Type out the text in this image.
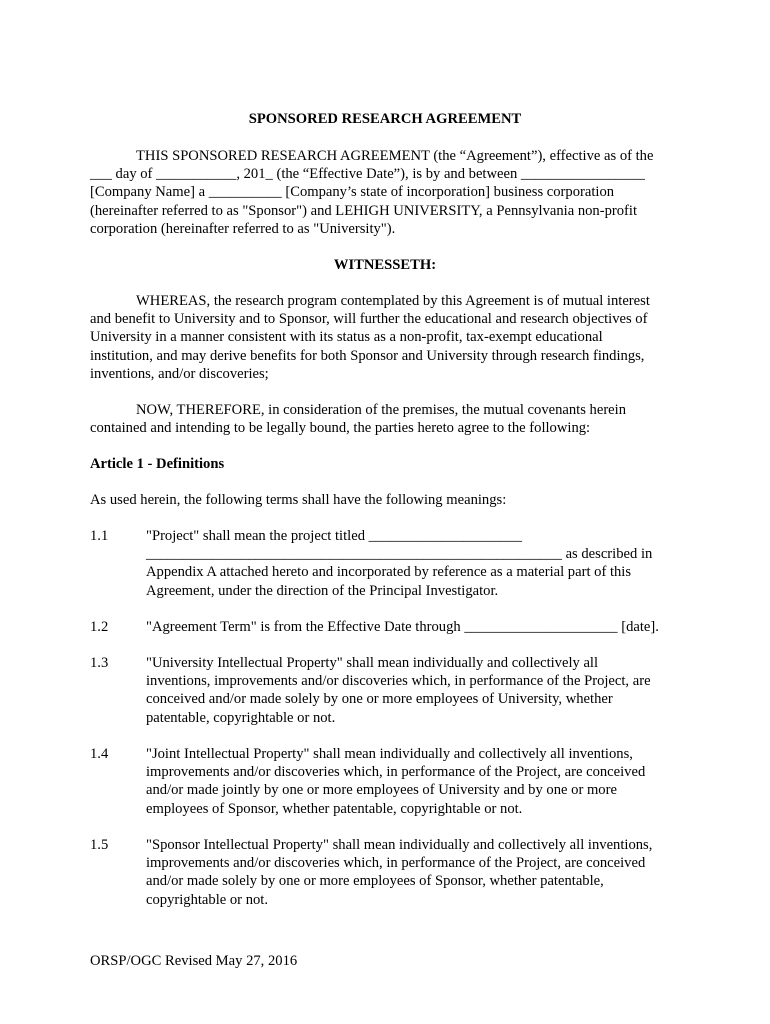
SPONSORED RESEARCH AGREEMENT

THIS SPONSORED RESEARCH AGREEMENT (the “Agreement”), effective as of the
___ day of ___________, 201_ (the “Effective Date”), is by and between _________________
[Company Name] a __________ [Company’s state of incorporation] business corporation
(hereinafter referred to as "Sponsor") and LEHIGH UNIVERSITY, a Pennsylvania non-profit
corporation (hereinafter referred to as "University").

WITNESSETH:

WHEREAS, the research program contemplated by this Agreement is of mutual interest
and benefit to University and to Sponsor, will further the educational and research objectives of
University in a manner consistent with its status as a non-profit, tax-exempt educational
institution, and may derive benefits for both Sponsor and University through research findings,
inventions, and/or discoveries;

NOW, THEREFORE, in consideration of the premises, the mutual covenants herein
contained and intending to be legally bound, the parties hereto agree to the following:

Article 1 - Definitions

As used herein, the following terms shall have the following meanings:

1.1	"Project" shall mean the project titled _____________________
_________________________________________________________ as described in
Appendix A attached hereto and incorporated by reference as a material part of this
Agreement, under the direction of the Principal Investigator.
1.2	"Agreement Term" is from the Effective Date through _____________________ [date].
1.3	"University Intellectual Property" shall mean individually and collectively all
inventions, improvements and/or discoveries which, in performance of the Project, are
conceived and/or made solely by one or more employees of University, whether
patentable, copyrightable or not.
1.4	"Joint Intellectual Property" shall mean individually and collectively all inventions,
improvements and/or discoveries which, in performance of the Project, are conceived
and/or made jointly by one or more employees of University and by one or more
employees of Sponsor, whether patentable, copyrightable or not.
1.5	"Sponsor Intellectual Property" shall mean individually and collectively all inventions,
improvements and/or discoveries which, in performance of the Project, are conceived
and/or made solely by one or more employees of Sponsor, whether patentable,
copyrightable or not.

ORSP/OGC Revised May 27, 2016
